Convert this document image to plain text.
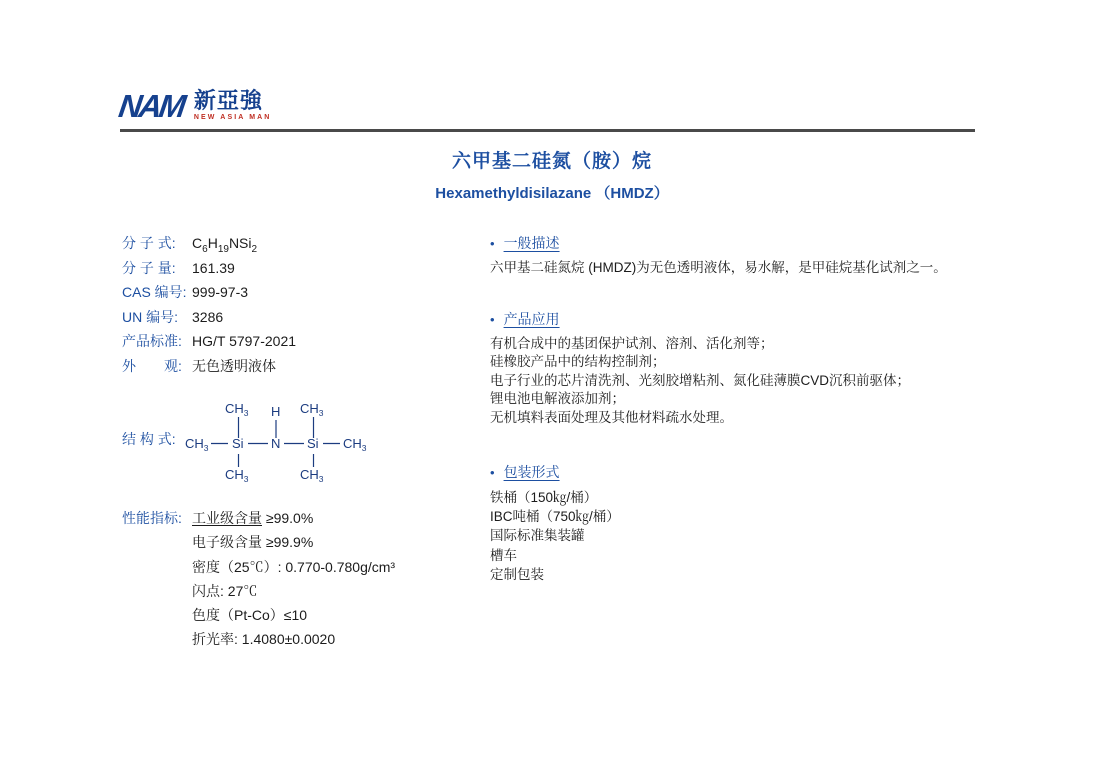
NAM 新亞強
NEW ASIA MAN
六甲基二硅氮（胺）烷
Hexamethyldisilazane （HMDZ）
分 子 式:	$C_6H_{19}NSi_2$
分 子 量:	161.39
CAS 编号: 999-97-3
UN 编号:	3286
产品标准: HG/T 5797-2021
外　　观: 无色透明液体
结 构 式:
$CH_3$ H $CH_3$
$CH_3$ Si N Si $CH_3$
$CH_3$	$CH_3$
性能指标: 工业级含量 ≥99.0%
电子级含量 ≥99.9%
密度（25℃）: 0.770-0.780g/cm³
闪点: 27℃
色度（Pt-Co）≤10
折光率: 1.4080±0.0020
• 一般描述
六甲基二硅氮烷 (HMDZ)为无色透明液体，易水解，是甲硅烷基化试剂之一。
• 产品应用
有机合成中的基团保护试剂、溶剂、活化剂等；
硅橡胶产品中的结构控制剂；
电子行业的芯片清洗剂、光刻胶增粘剂、氮化硅薄膜CVD沉积前驱体；
锂电池电解液添加剂；
无机填料表面处理及其他材料疏水处理。
• 包装形式
铁桶（150㎏/桶）
IBC吨桶（750㎏/桶）
国际标准集装罐
槽车
定制包装
